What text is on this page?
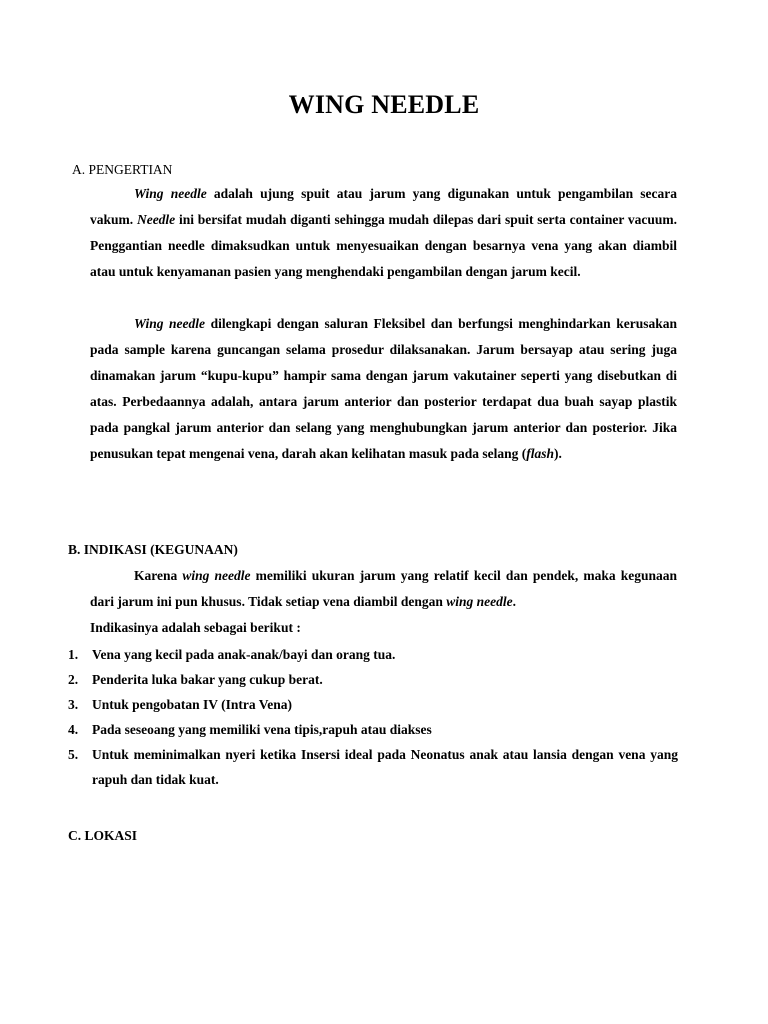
WING NEEDLE
A. PENGERTIAN

Wing needle adalah ujung spuit atau jarum yang digunakan untuk pengambilan secara vakum. Needle ini bersifat mudah diganti sehingga mudah dilepas dari spuit serta container vacuum. Penggantian needle dimaksudkan untuk menyesuaikan dengan besarnya vena yang akan diambil atau untuk kenyamanan pasien yang menghendaki pengambilan dengan jarum kecil.

Wing needle dilengkapi dengan saluran Fleksibel dan berfungsi menghindarkan kerusakan pada sample karena guncangan selama prosedur dilaksanakan. Jarum bersayap atau sering juga dinamakan jarum “kupu-kupu” hampir sama dengan jarum vakutainer seperti yang disebutkan di atas. Perbedaannya adalah, antara jarum anterior dan posterior terdapat dua buah sayap plastik pada pangkal jarum anterior dan selang yang menghubungkan jarum anterior dan posterior. Jika penusukan tepat mengenai vena, darah akan kelihatan masuk pada selang (flash).

B. INDIKASI (KEGUNAAN)

Karena wing needle memiliki ukuran jarum yang relatif kecil dan pendek, maka kegunaan dari jarum ini pun khusus. Tidak setiap vena diambil dengan wing needle.

Indikasinya adalah sebagai berikut :
1. Vena yang kecil pada anak-anak/bayi dan orang tua.
2. Penderita luka bakar yang cukup berat.
3. Untuk pengobatan IV (Intra Vena)
4. Pada seseoang yang memiliki vena tipis,rapuh atau diakses
5. Untuk meminimalkan nyeri ketika Insersi ideal pada Neonatus anak atau lansia dengan vena yang rapuh dan tidak kuat.
C. LOKASI
